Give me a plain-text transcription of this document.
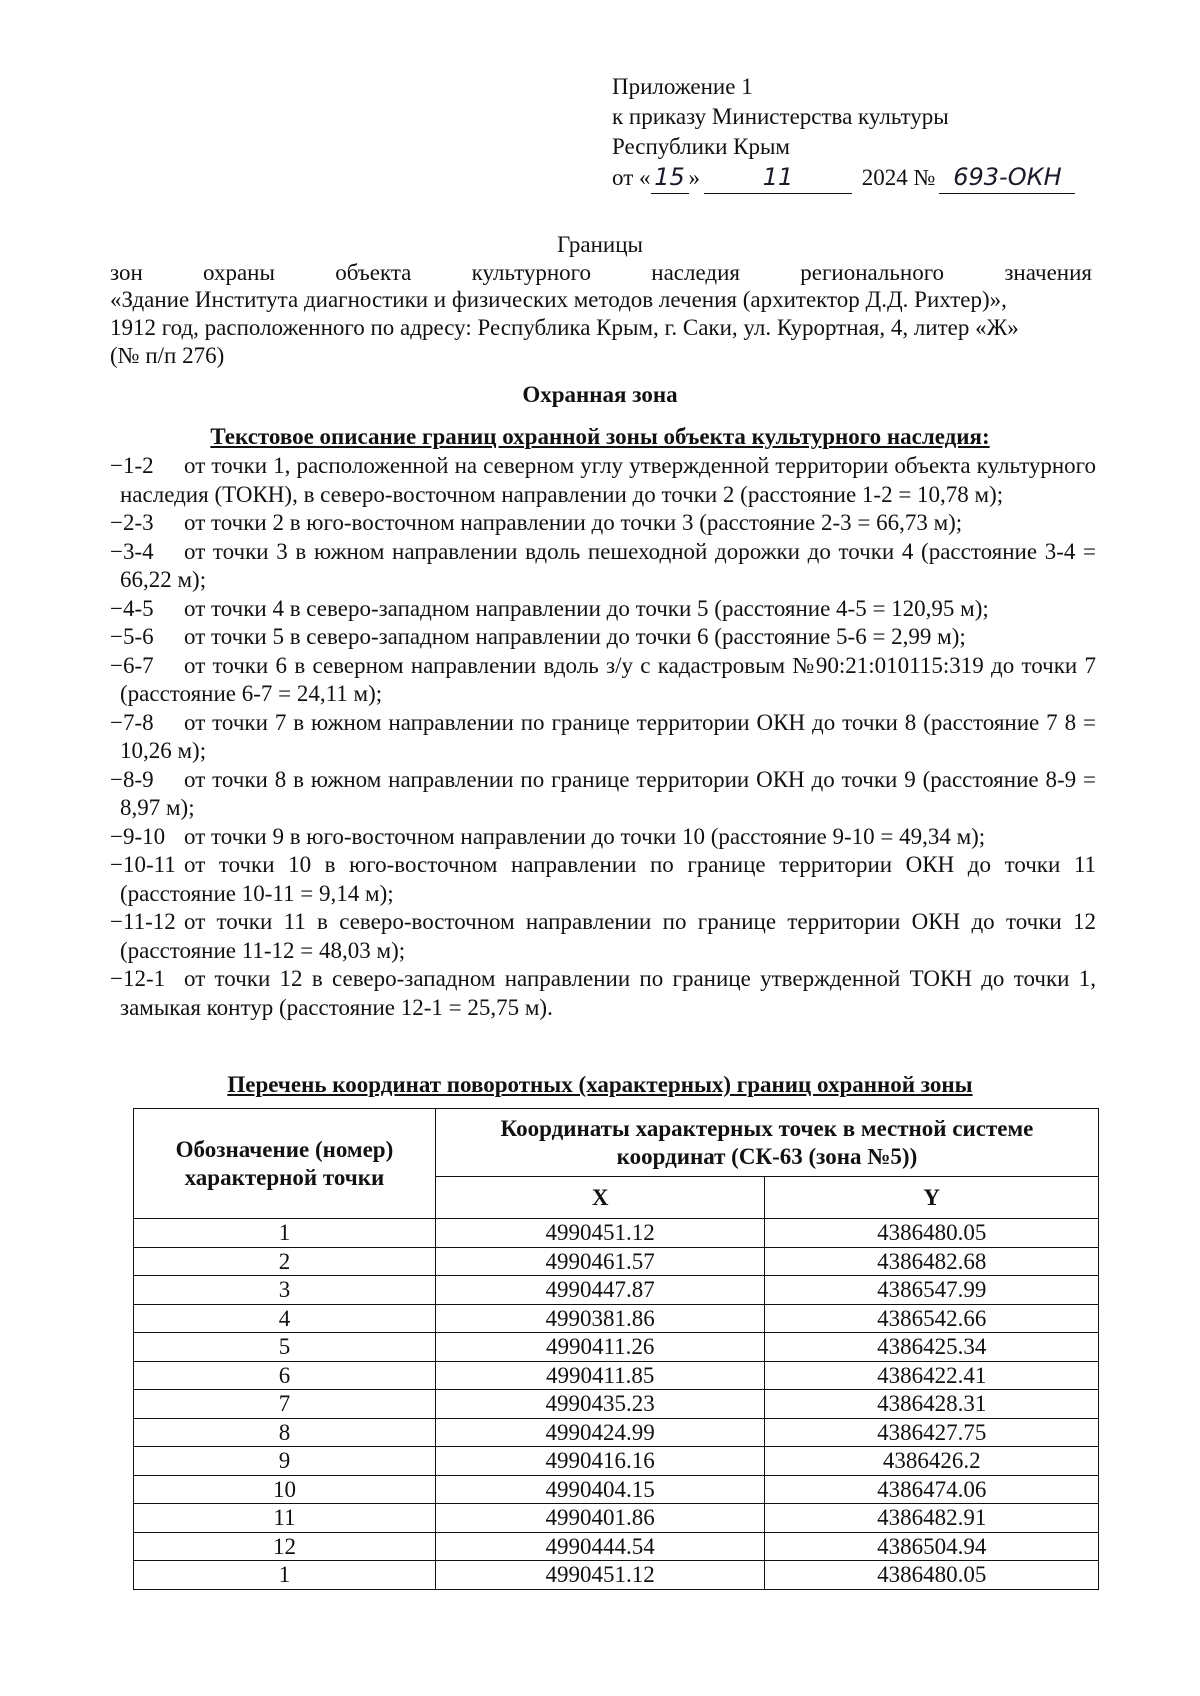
Приложение 1
к приказу Министерства культуры
Республики Крым
от « 15 »	11	2024 № 693-ОКН
Границы
зон охраны объекта культурного наследия регионального значения
«Здание Института диагностики и физических методов лечения (архитектор Д.Д. Рихтер)»,
1912 год, расположенного по адресу: Республика Крым, г. Саки, ул. Курортная, 4, литер «Ж»
(№ п/п 276)
Охранная зона
Текстовое описание границ охранной зоны объекта культурного наследия:
−1-2	от точки 1, расположенной на северном углу утвержденной территории объекта культурного наследия (ТОКН), в северо-восточном направлении до точки 2 (расстояние 1-2 = 10,78 м);
−2-3	от точки 2 в юго-восточном направлении до точки 3 (расстояние 2-3 = 66,73 м);
−3-4	от точки 3 в южном направлении вдоль пешеходной дорожки до точки 4 (расстояние 3-4 = 66,22 м);
−4-5	от точки 4 в северо-западном направлении до точки 5 (расстояние 4-5 = 120,95 м);
−5-6	от точки 5 в северо-западном направлении до точки 6 (расстояние 5-6 = 2,99 м);
−6-7	от точки 6 в северном направлении вдоль з/у с кадастровым №90:21:010115:319 до точки 7 (расстояние 6-7 = 24,11 м);
−7-8	от точки 7 в южном направлении по границе территории ОКН до точки 8 (расстояние 7 8 = 10,26 м);
−8-9	от точки 8 в южном направлении по границе территории ОКН до точки 9 (расстояние 8-9 = 8,97 м);
−9-10 от точки 9 в юго-восточном направлении до точки 10 (расстояние 9-10 = 49,34 м);
−10-11 от точки 10 в юго-восточном направлении по границе территории ОКН до точки 11 (расстояние 10-11 = 9,14 м);
−11-12 от точки 11 в северо-восточном направлении по границе территории ОКН до точки 12 (расстояние 11-12 = 48,03 м);
−12-1 от точки 12 в северо-западном направлении по границе утвержденной ТОКН до точки 1, замыкая контур (расстояние 12-1 = 25,75 м).
Перечень координат поворотных (характерных) границ охранной зоны
Обозначение (номер) характерной точки	Координаты характерных точек в местной системе координат (СК-63 (зона №5))	
	X	Y
1	4990451.12	4386480.05
2	4990461.57	4386482.68
3	4990447.87	4386547.99
4	4990381.86	4386542.66
5	4990411.26	4386425.34
6	4990411.85	4386422.41
7	4990435.23	4386428.31
8	4990424.99	4386427.75
9	4990416.16	4386426.2
10	4990404.15	4386474.06
11	4990401.86	4386482.91
12	4990444.54	4386504.94
1	4990451.12	4386480.05
